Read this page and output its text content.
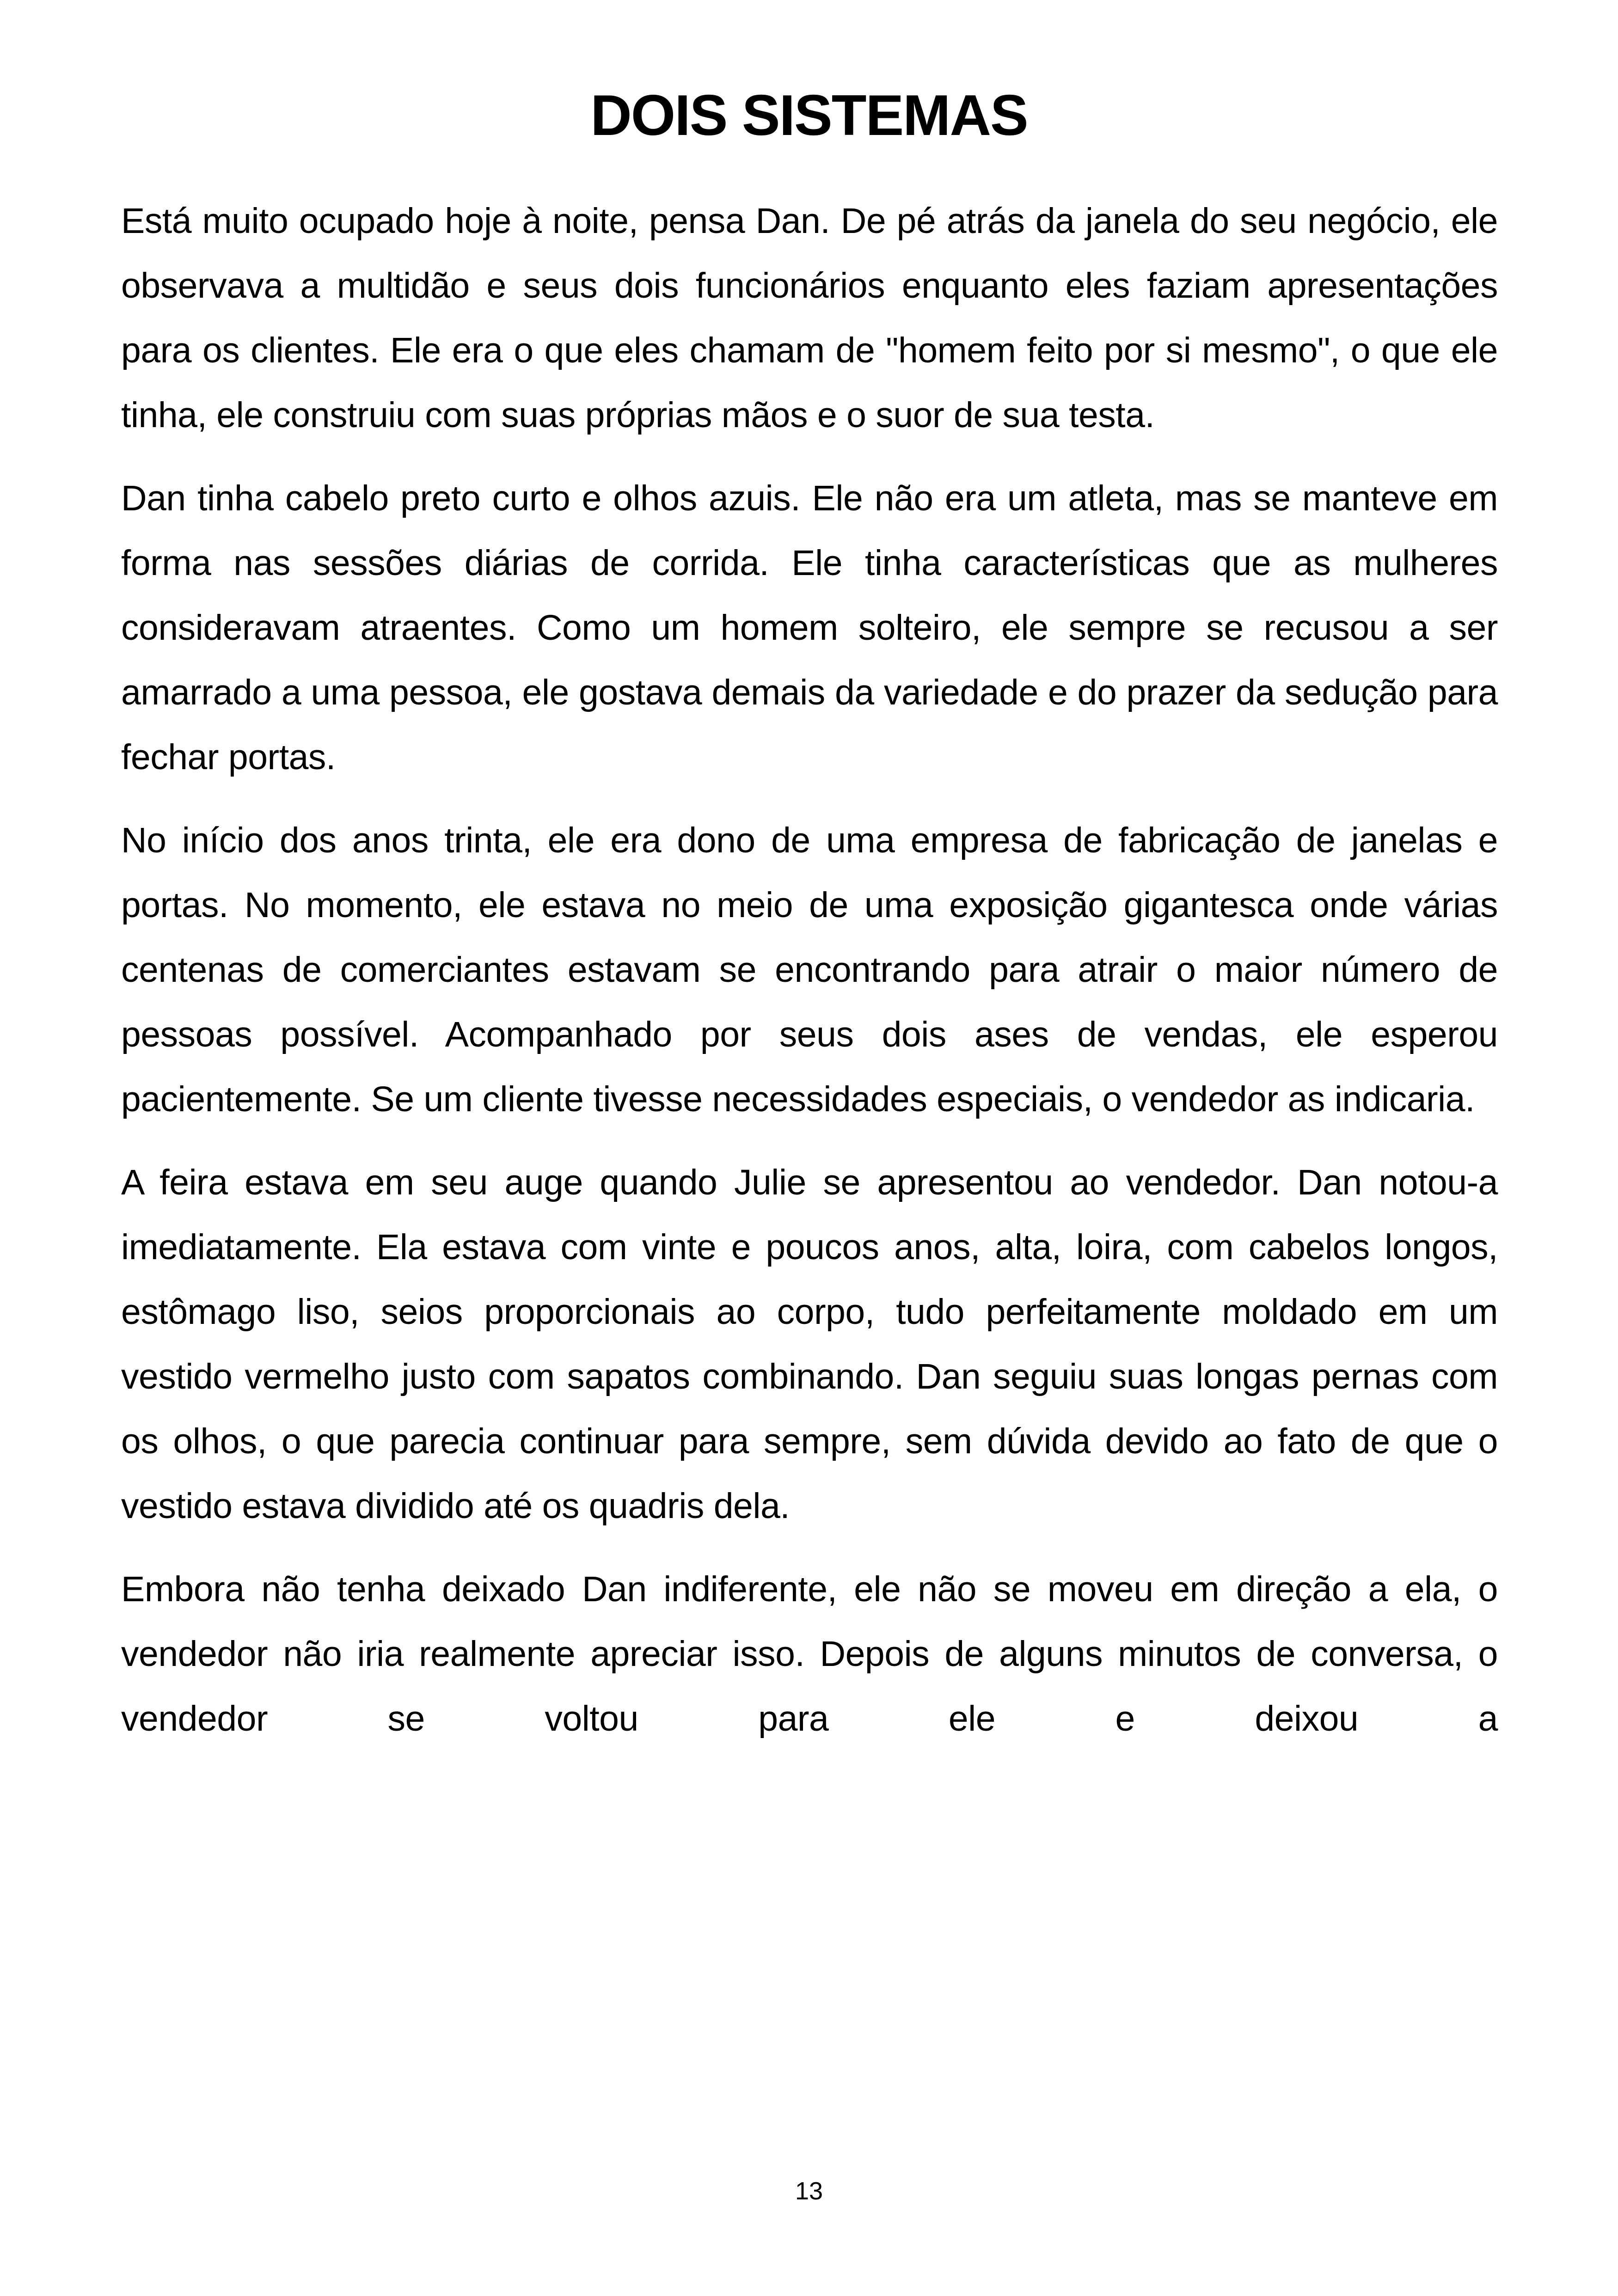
DOIS SISTEMAS

Está muito ocupado hoje à noite, pensa Dan. De pé atrás da janela do seu negócio, ele observava a multidão e seus dois funcionários enquanto eles faziam apresentações para os clientes. Ele era o que eles chamam de "homem feito por si mesmo", o que ele tinha, ele construiu com suas próprias mãos e o suor de sua testa.

Dan tinha cabelo preto curto e olhos azuis. Ele não era um atleta, mas se manteve em forma nas sessões diárias de corrida. Ele tinha características que as mulheres consideravam atraentes. Como um homem solteiro, ele sempre se recusou a ser amarrado a uma pessoa, ele gostava demais da variedade e do prazer da sedução para fechar portas.

No início dos anos trinta, ele era dono de uma empresa de fabricação de janelas e portas. No momento, ele estava no meio de uma exposição gigantesca onde várias centenas de comerciantes estavam se encontrando para atrair o maior número de pessoas possível. Acompanhado por seus dois ases de vendas, ele esperou pacientemente. Se um cliente tivesse necessidades especiais, o vendedor as indicaria.

A feira estava em seu auge quando Julie se apresentou ao vendedor. Dan notou-a imediatamente. Ela estava com vinte e poucos anos, alta, loira, com cabelos longos, estômago liso, seios proporcionais ao corpo, tudo perfeitamente moldado em um vestido vermelho justo com sapatos combinando. Dan seguiu suas longas pernas com os olhos, o que parecia continuar para sempre, sem dúvida devido ao fato de que o vestido estava dividido até os quadris dela.

Embora não tenha deixado Dan indiferente, ele não se moveu em direção a ela, o vendedor não iria realmente apreciar isso. Depois de alguns minutos de conversa, o vendedor se voltou para ele e deixou a

13
